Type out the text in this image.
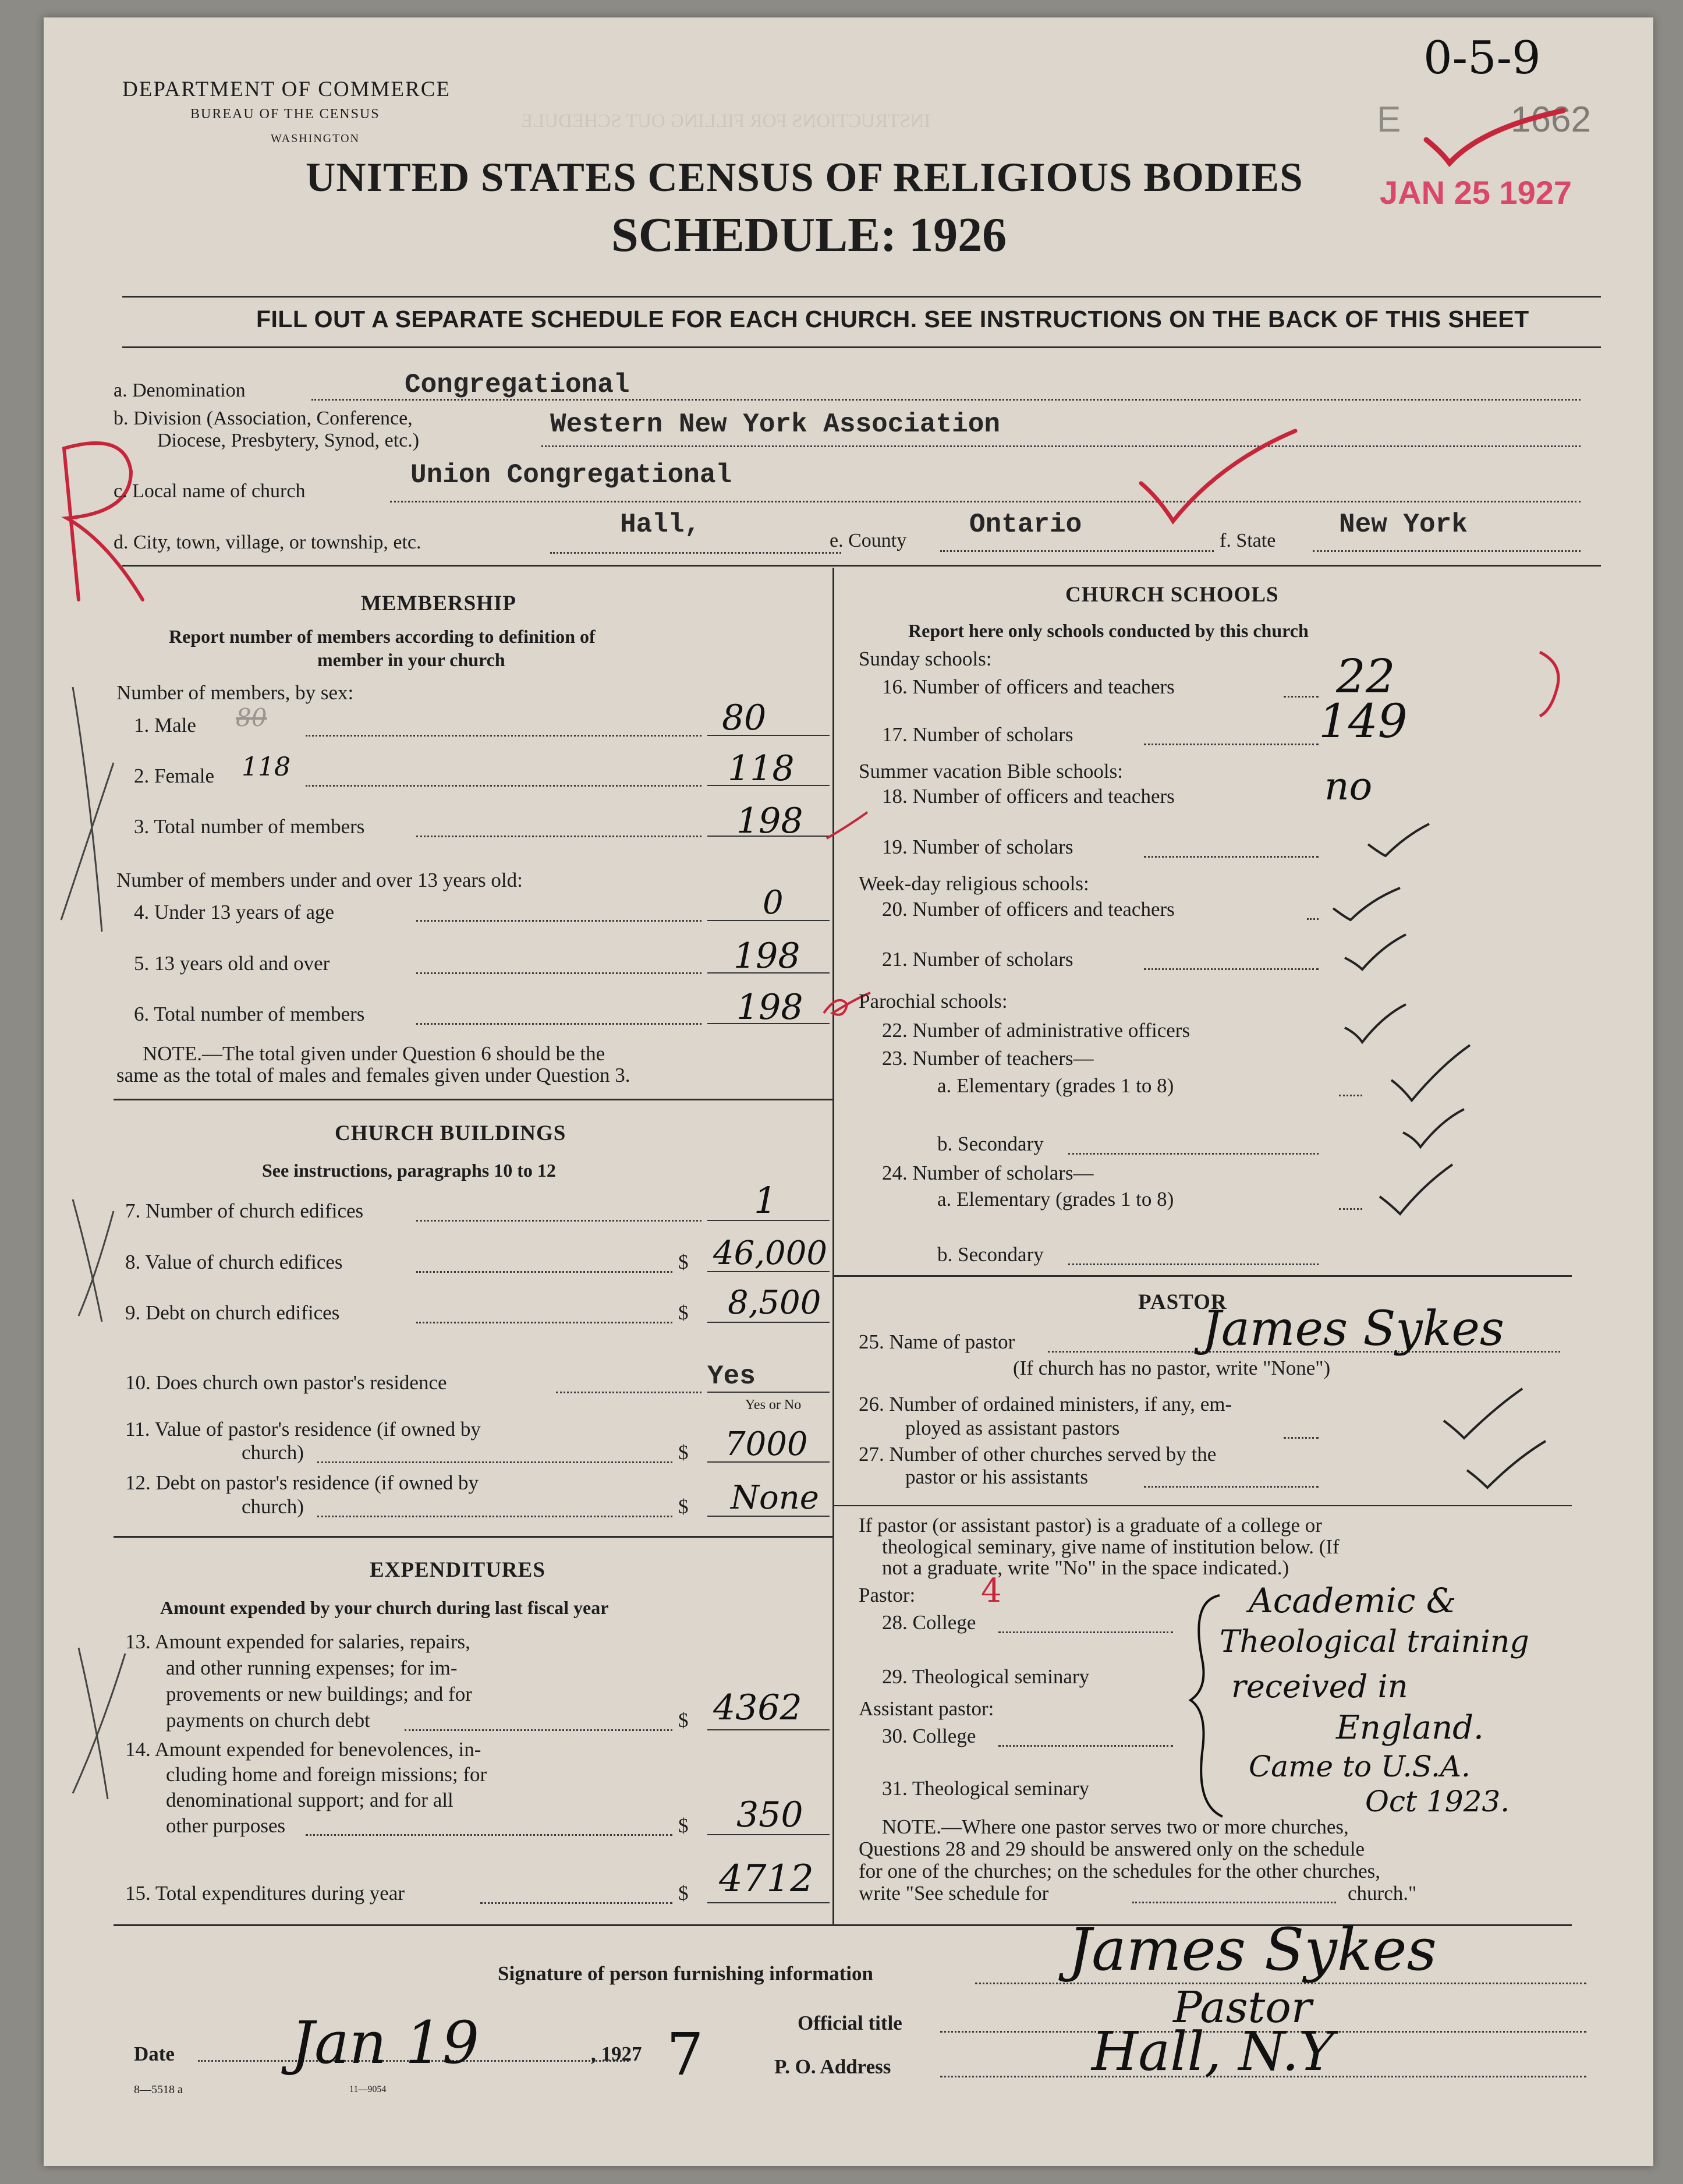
INSTRUCTIONS FOR FILLING OUT SCHEDULE
DEPARTMENT OF COMMERCE
BUREAU OF THE CENSUS
WASHINGTON
UNITED STATES CENSUS OF RELIGIOUS BODIES
SCHEDULE: 1926
0-5-9
E	1662
JAN 25 1927
FILL OUT A SEPARATE SCHEDULE FOR EACH CHURCH. SEE INSTRUCTIONS ON THE BACK OF THIS SHEET
a. Denomination	Congregational
b. Division (Association, Conference,
Diocese, Presbytery, Synod, etc.)
Western New York Association
c. Local name of church
Union Congregational
d. City, town, village, or township, etc.
Hall,
e. County
Ontario
f. State
New York
MEMBERSHIP
Report number of members according to definition of
member in your church
Number of members, by sex:
1. Male 80	80
2. Female 118	118
3. Total number of members	198
Number of members under and over 13 years old:
4. Under 13 years of age	0
5. 13 years old and over	198
6. Total number of members	198
NOTE.—The total given under Question 6 should be the
same as the total of males and females given under Question 3.
CHURCH BUILDINGS
See instructions, paragraphs 10 to 12
7. Number of church edifices	1
8. Value of church edifices	$ 46,000
9. Debt on church edifices	$ 8,500
10. Does church own pastor's residence	Yes
Yes or No
11. Value of pastor's residence (if owned by
church)	$ 7000
12. Debt on pastor's residence (if owned by
church)	$ None
EXPENDITURES
Amount expended by your church during last fiscal year
13. Amount expended for salaries, repairs,
and other running expenses; for im-
provements or new buildings; and for
payments on church debt	$ 4362
14. Amount expended for benevolences, in-
cluding home and foreign missions; for
denominational support; and for all
other purposes	$ 350
15. Total expenditures during year	$ 4712
CHURCH SCHOOLS
Report here only schools conducted by this church
Sunday schools:
16. Number of officers and teachers	22
17. Number of scholars	149
Summer vacation Bible schools:
18. Number of officers and teachers	no
19. Number of scholars
Week-day religious schools:
20. Number of officers and teachers
21. Number of scholars
Parochial schools:
22. Number of administrative officers
23. Number of teachers—
a. Elementary (grades 1 to 8)
b. Secondary
24. Number of scholars—
a. Elementary (grades 1 to 8)
b. Secondary
PASTOR
25. Name of pastor	James Sykes
(If church has no pastor, write "None")
26. Number of ordained ministers, if any, em-
ployed as assistant pastors
27. Number of other churches served by the
pastor or his assistants
If pastor (or assistant pastor) is a graduate of a college or
theological seminary, give name of institution below. (If
not a graduate, write "No" in the space indicated.)
Pastor: 4
28. College
29. Theological seminary
Assistant pastor:
30. College
31. Theological seminary
Academic &
Theological training
received in
England.
Came to U.S.A.
Oct 1923.
NOTE.—Where one pastor serves two or more churches,
Questions 28 and 29 should be answered only on the schedule
for one of the churches; on the schedules for the other churches,
write "See schedule for	church."
Signature of person furnishing information	James Sykes
Official title	Pastor
Date Jan 19	, 1927 7	P. O. Address	Hall, N.Y
8—5518 a	11—9054
